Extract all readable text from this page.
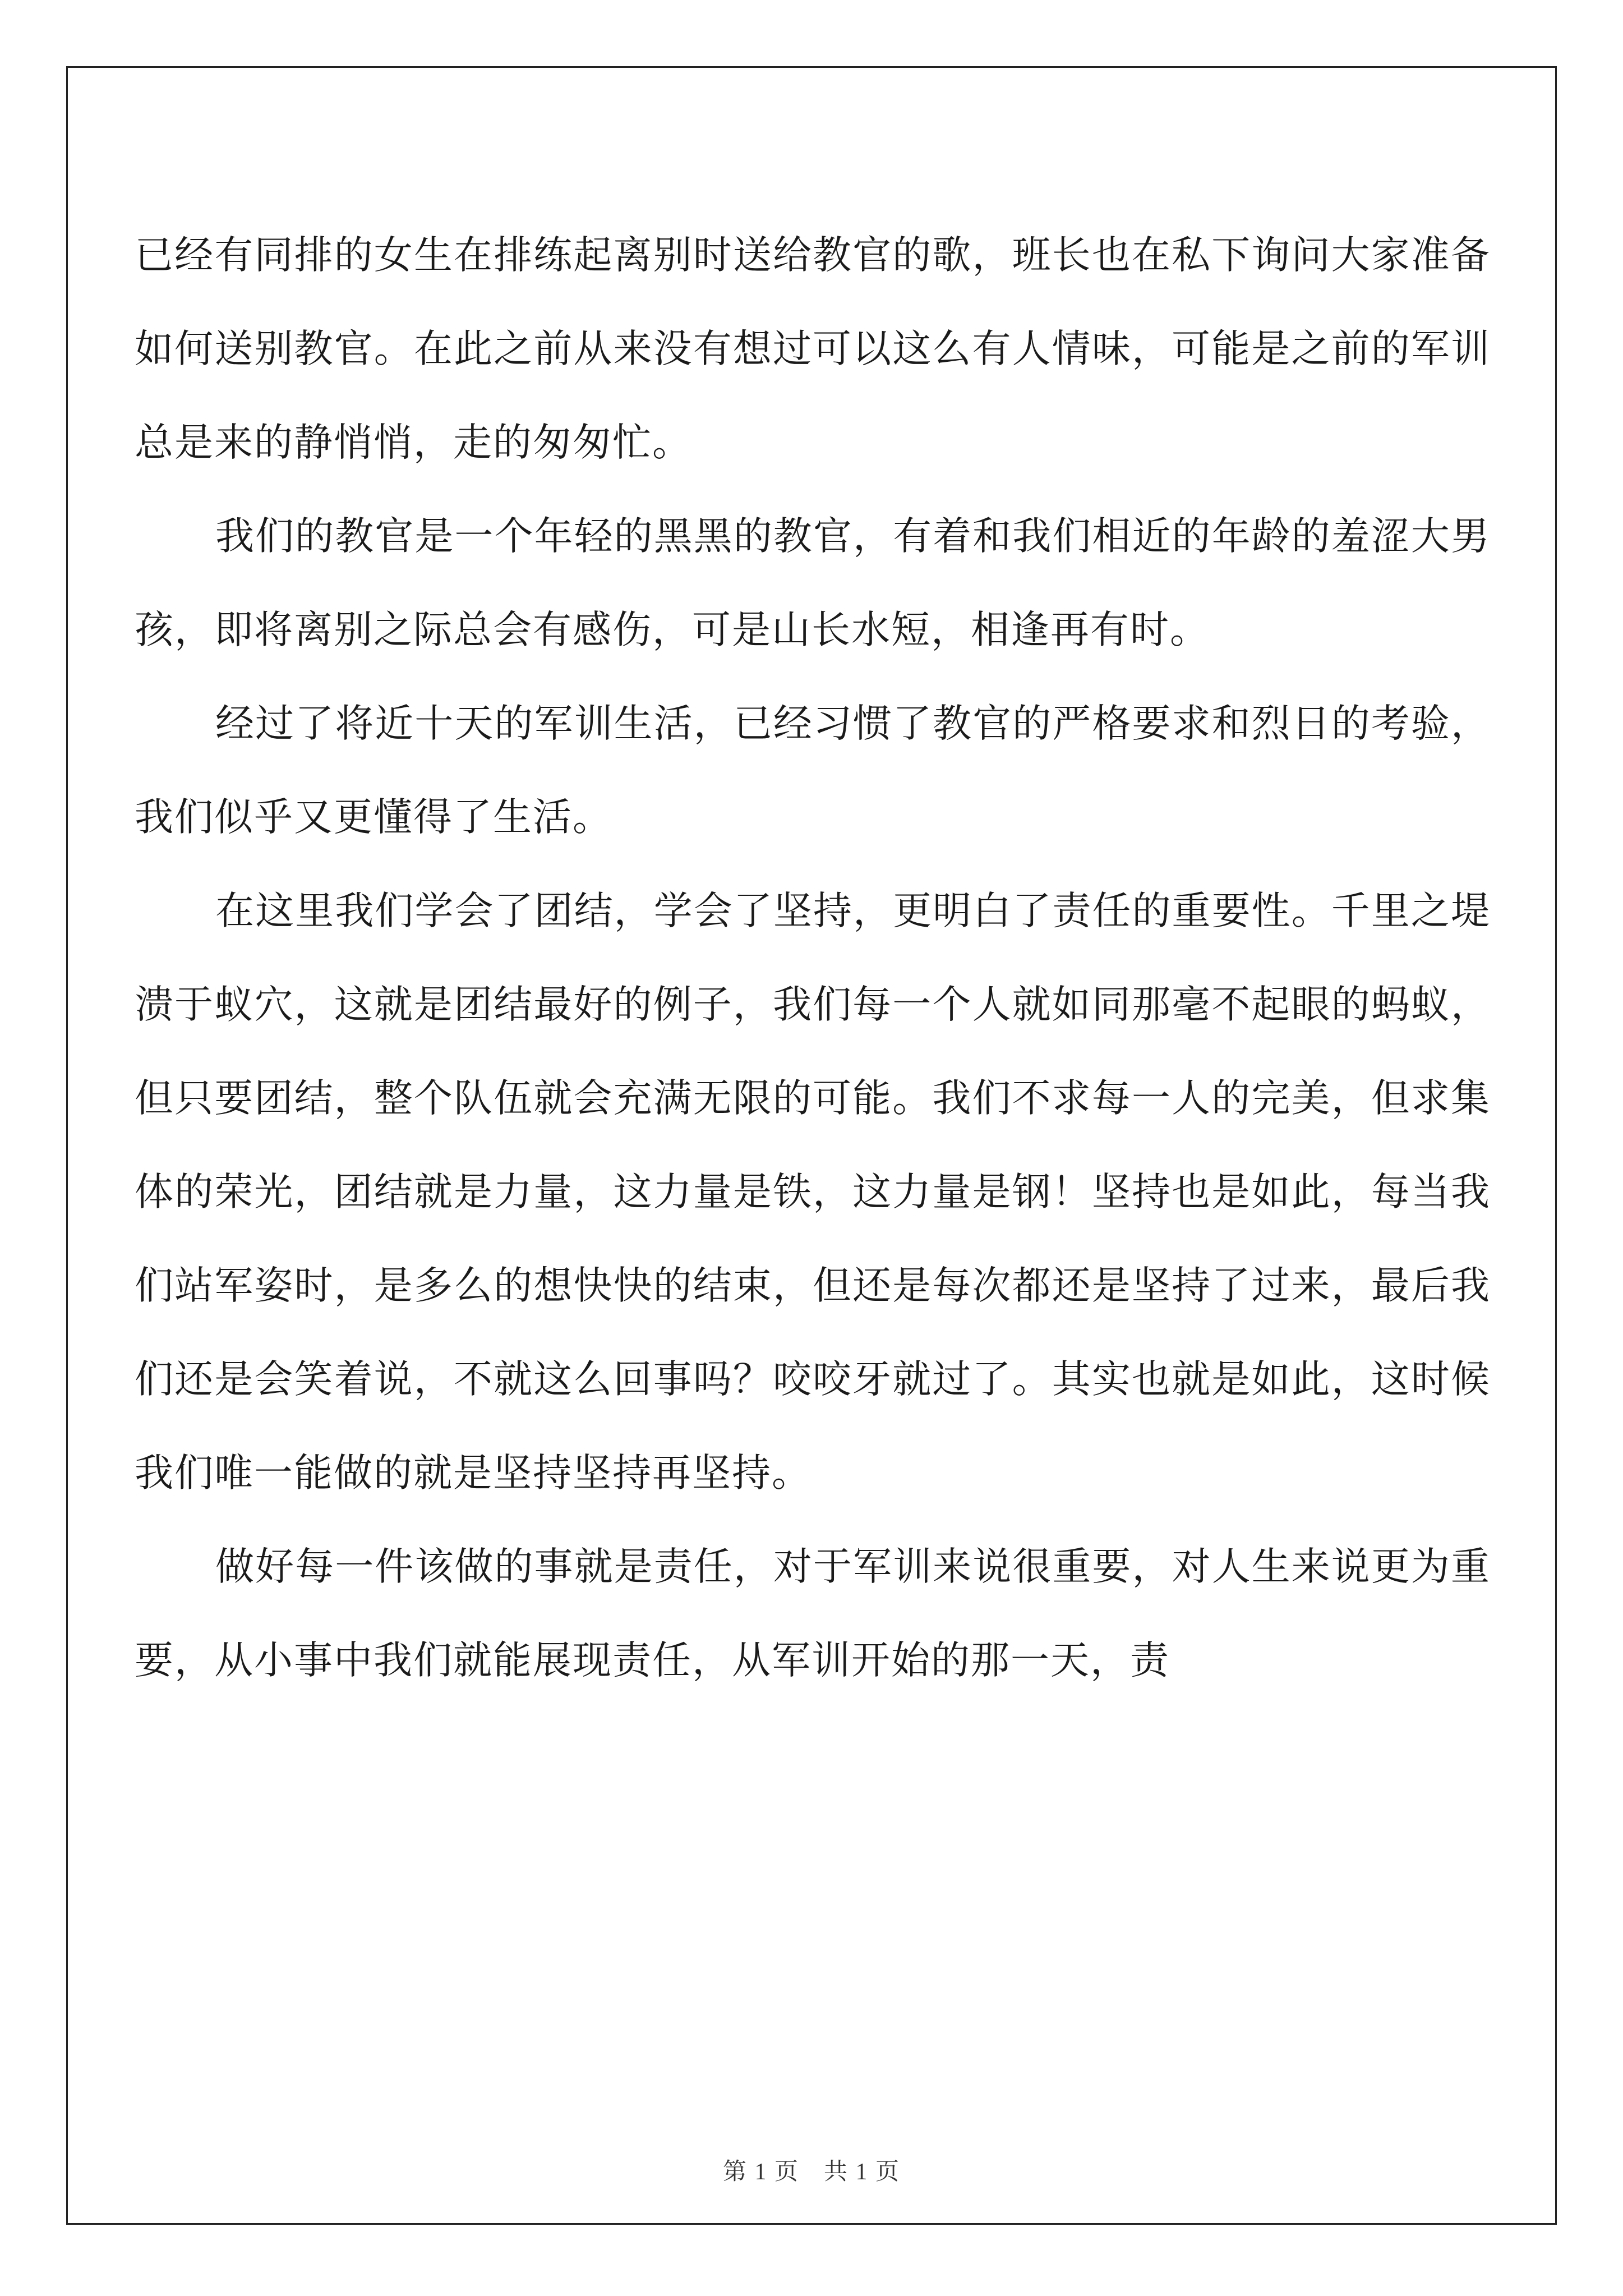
已经有同排的女生在排练起离别时送给教官的歌，班长也在私下询问大家准备如何送别教官。在此之前从来没有想过可以这么有人情味，可能是之前的军训总是来的静悄悄，走的匆匆忙。

我们的教官是一个年轻的黑黑的教官，有着和我们相近的年龄的羞涩大男孩，即将离别之际总会有感伤，可是山长水短，相逢再有时。

经过了将近十天的军训生活，已经习惯了教官的严格要求和烈日的考验，我们似乎又更懂得了生活。

在这里我们学会了团结，学会了坚持，更明白了责任的重要性。千里之堤溃于蚁穴，这就是团结最好的例子，我们每一个人就如同那毫不起眼的蚂蚁，但只要团结，整个队伍就会充满无限的可能。我们不求每一人的完美，但求集体的荣光，团结就是力量，这力量是铁，这力量是钢！坚持也是如此，每当我们站军姿时，是多么的想快快的结束，但还是每次都还是坚持了过来，最后我们还是会笑着说，不就这么回事吗？咬咬牙就过了。其实也就是如此，这时候我们唯一能做的就是坚持坚持再坚持。

做好每一件该做的事就是责任，对于军训来说很重要，对人生来说更为重要，从小事中我们就能展现责任，从军训开始的那一天，责

第 1 页　共 1 页
